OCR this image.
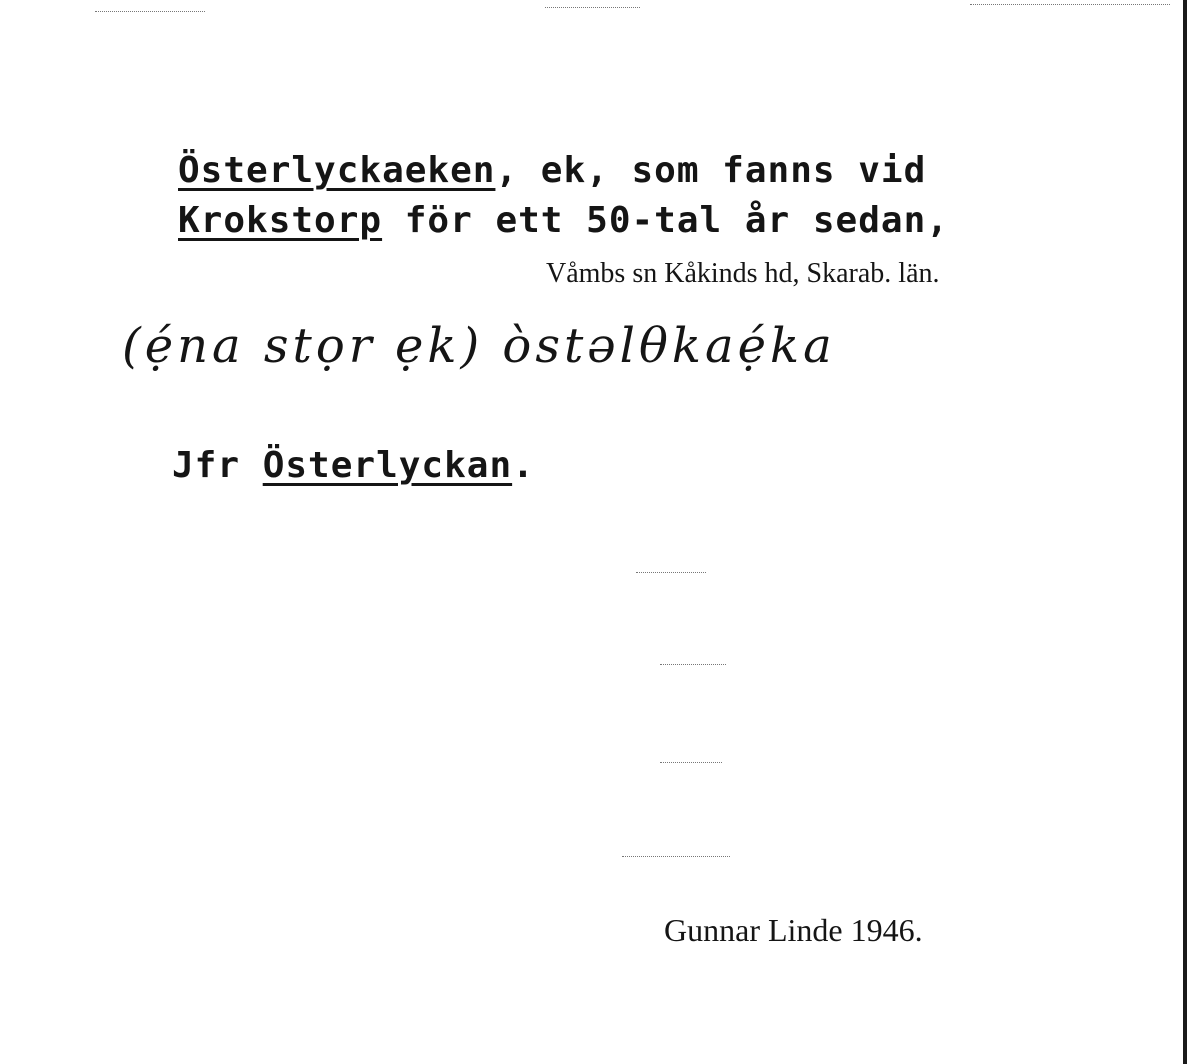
Österlyckaeken, ek, som fanns vid
Krokstorp för ett 50-tal år sedan,
Våmbs sn Kåkinds hd, Skarab. län.
(ẹ́na stọr ẹk) òstəlθkaẹ́ka
Jfr Österlyckan.
Gunnar Linde 1946.
